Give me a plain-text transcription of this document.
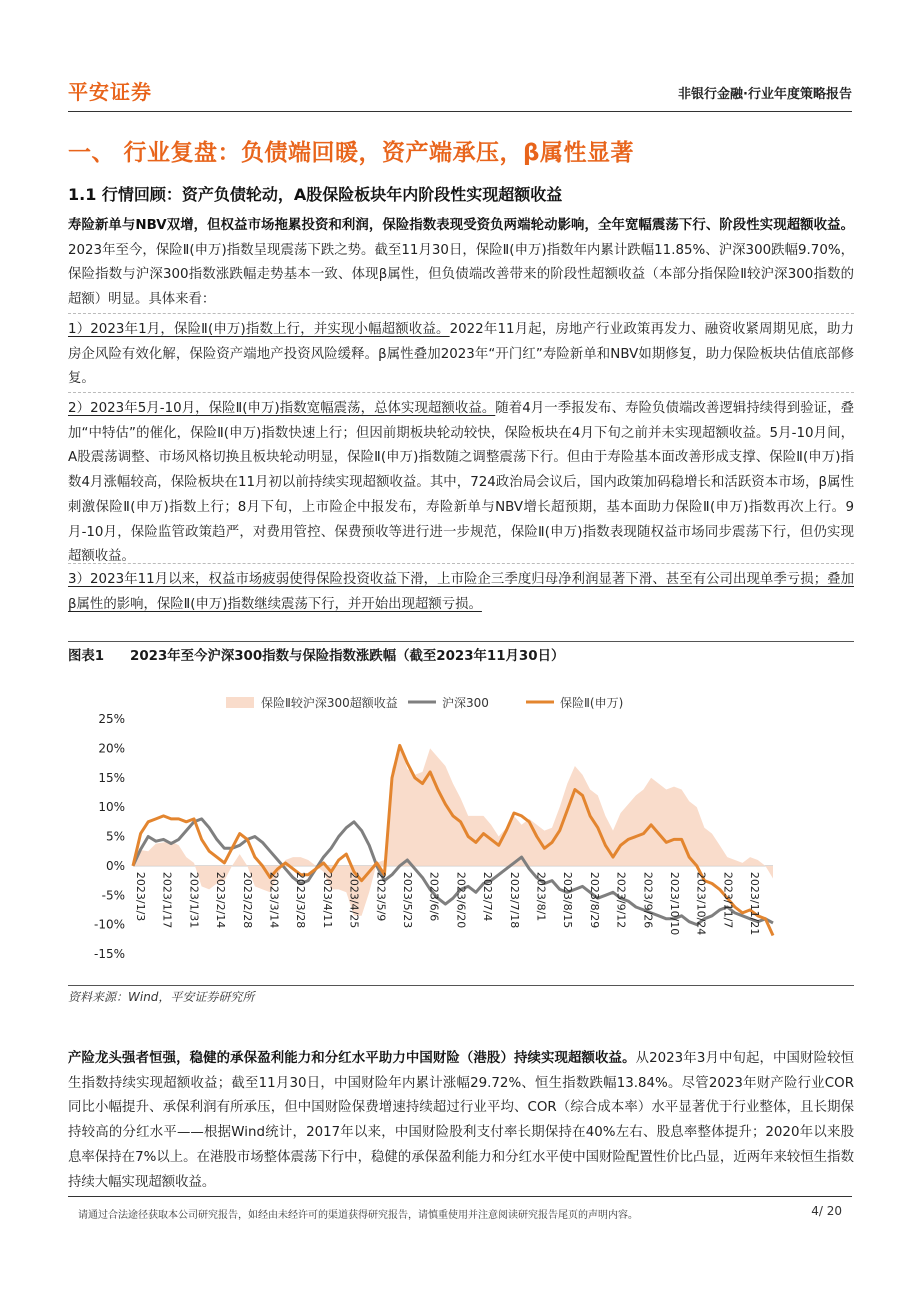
平安证券	非银行金融·行业年度策略报告
一、 行业复盘：负债端回暖，资产端承压，β属性显著
1.1 行情回顾：资产负债轮动，A股保险板块年内阶段性实现超额收益
寿险新单与NBV双增，但权益市场拖累投资和利润，保险指数表现受资负两端轮动影响，全年宽幅震荡下行、阶段性实现超额收益。2023年至今，保险Ⅱ(申万)指数呈现震荡下跌之势。截至11月30日，保险Ⅱ(申万)指数年内累计跌幅11.85%、沪深300跌幅9.70%，保险指数与沪深300指数涨跌幅走势基本一致、体现β属性，但负债端改善带来的阶段性超额收益（本部分指保险Ⅱ较沪深300指数的超额）明显。具体来看：
1）2023年1月，保险Ⅱ(申万)指数上行，并实现小幅超额收益。2022年11月起，房地产行业政策再发力、融资收紧周期见底，助力房企风险有效化解，保险资产端地产投资风险缓释。β属性叠加2023年“开门红”寿险新单和NBV如期修复，助力保险板块估值底部修复。
2）2023年5月-10月，保险Ⅱ(申万)指数宽幅震荡，总体实现超额收益。随着4月一季报发布、寿险负债端改善逻辑持续得到验证，叠加“中特估”的催化，保险Ⅱ(申万)指数快速上行；但因前期板块轮动较快，保险板块在4月下旬之前并未实现超额收益。5月-10月间，A股震荡调整、市场风格切换且板块轮动明显，保险Ⅱ(申万)指数随之调整震荡下行。但由于寿险基本面改善形成支撑、保险Ⅱ(申万)指数4月涨幅较高，保险板块在11月初以前持续实现超额收益。其中，724政治局会议后，国内政策加码稳增长和活跃资本市场，β属性刺激保险Ⅱ(申万)指数上行；8月下旬，上市险企中报发布，寿险新单与NBV增长超预期，基本面助力保险Ⅱ(申万)指数再次上行。9月-10月，保险监管政策趋严，对费用管控、保费预收等进行进一步规范，保险Ⅱ(申万)指数表现随权益市场同步震荡下行，但仍实现超额收益。
3）2023年11月以来，权益市场疲弱使得保险投资收益下滑，上市险企三季度归母净利润显著下滑、甚至有公司出现单季亏损；叠加β属性的影响，保险Ⅱ(申万)指数继续震荡下行，并开始出现超额亏损。
图表1 2023年至今沪深300指数与保险指数涨跌幅（截至2023年11月30日）
保险Ⅱ较沪深300超额收益	沪深300	保险Ⅱ(申万)
25%
20%
15%
10%
5%
0%
-5%
-10%
-15%
2023/1/3 2023/1/17 2023/1/31 2023/2/14 2023/2/28 2023/3/14 2023/3/28 2023/4/11 2023/4/25 2023/5/9 2023/5/23 2023/6/6 2023/6/20 2023/7/4 2023/7/18 2023/8/1 2023/8/15 2023/8/29 2023/9/12 2023/9/26 2023/10/10 2023/10/24 2023/11/7 2023/11/21
资料来源：Wind，平安证券研究所
产险龙头强者恒强，稳健的承保盈利能力和分红水平助力中国财险（港股）持续实现超额收益。从2023年3月中旬起，中国财险较恒生指数持续实现超额收益；截至11月30日，中国财险年内累计涨幅29.72%、恒生指数跌幅13.84%。尽管2023年财产险行业COR同比小幅提升、承保利润有所承压，但中国财险保费增速持续超过行业平均、COR（综合成本率）水平显著优于行业整体，且长期保持较高的分红水平——根据Wind统计，2017年以来，中国财险股利支付率长期保持在40%左右、股息率整体提升；2020年以来股息率保持在7%以上。在港股市场整体震荡下行中，稳健的承保盈利能力和分红水平使中国财险配置性价比凸显，近两年来较恒生指数持续大幅实现超额收益。
请通过合法途径获取本公司研究报告，如经由未经许可的渠道获得研究报告，请慎重使用并注意阅读研究报告尾页的声明内容。	4/ 20
